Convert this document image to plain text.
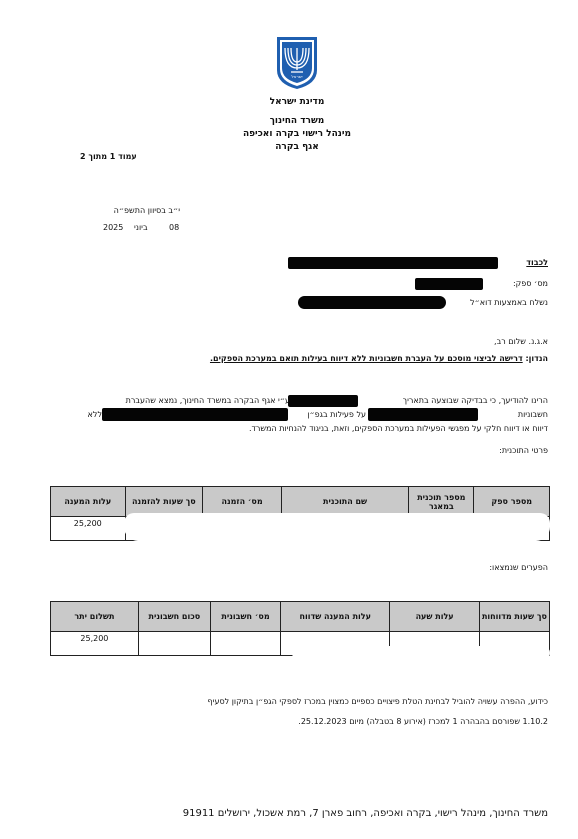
ישראל
מדינת ישראל
משרד החינוך
מינהל רישוי בקרה ואכיפה
אגף בקרה
עמוד 1 מתוך 2
י״ב בסיוון התשפ״ה
2025 ביוני	08
לכבוד
מס׳ ספק:
נשלח באמצעות דוא״ל
א.ג.נ. שלום רב,
הנדון: דרישה לביצוי מוסכם על העברת חשבוניות ללא דיווח בעילות תואם במערכת הספקים.
הרינו להודיעך, כי בבדיקה שבוצעה בתאריך
ע״י אגף הבקרה במשרד החינוך, נמצא שהעברת
חשבוניות
על פעילות בגפ״ן
ללא
דיווח או דיווח חלקי על מפגשי הפעילות במערכת הספקים, וזאת, בניגוד להנחיות המשרד.
פרטי התוכנית:
מספר ספק	מספר תוכנית במאגר	שם התוכנית	מס׳ הזמנה	סך שעות להזמנה	עלות המענה

					25,200
הפערים שנמצאו:
סך שעות מדווחות	עלות שעה	עלות המענה שדווח	מס׳ חשבונית	סכום חשבונית	תשלום יתר

					25,200
כידוע, ההפרה עשויה להוביל לבחינת הטלת פיצויים כספיים כמצוין במכרז לספקי הגפ״ן בתיקון לסעיף
1.10.2 שפורסם בהבהרה 1 למכרז (אירוע 8 בטבלה) מיום 25.12.2023.
משרד החינוך, מינהל רישוי, בקרה ואכיפה, רחוב פארן 7, רמת אשכול, ירושלים 91911
